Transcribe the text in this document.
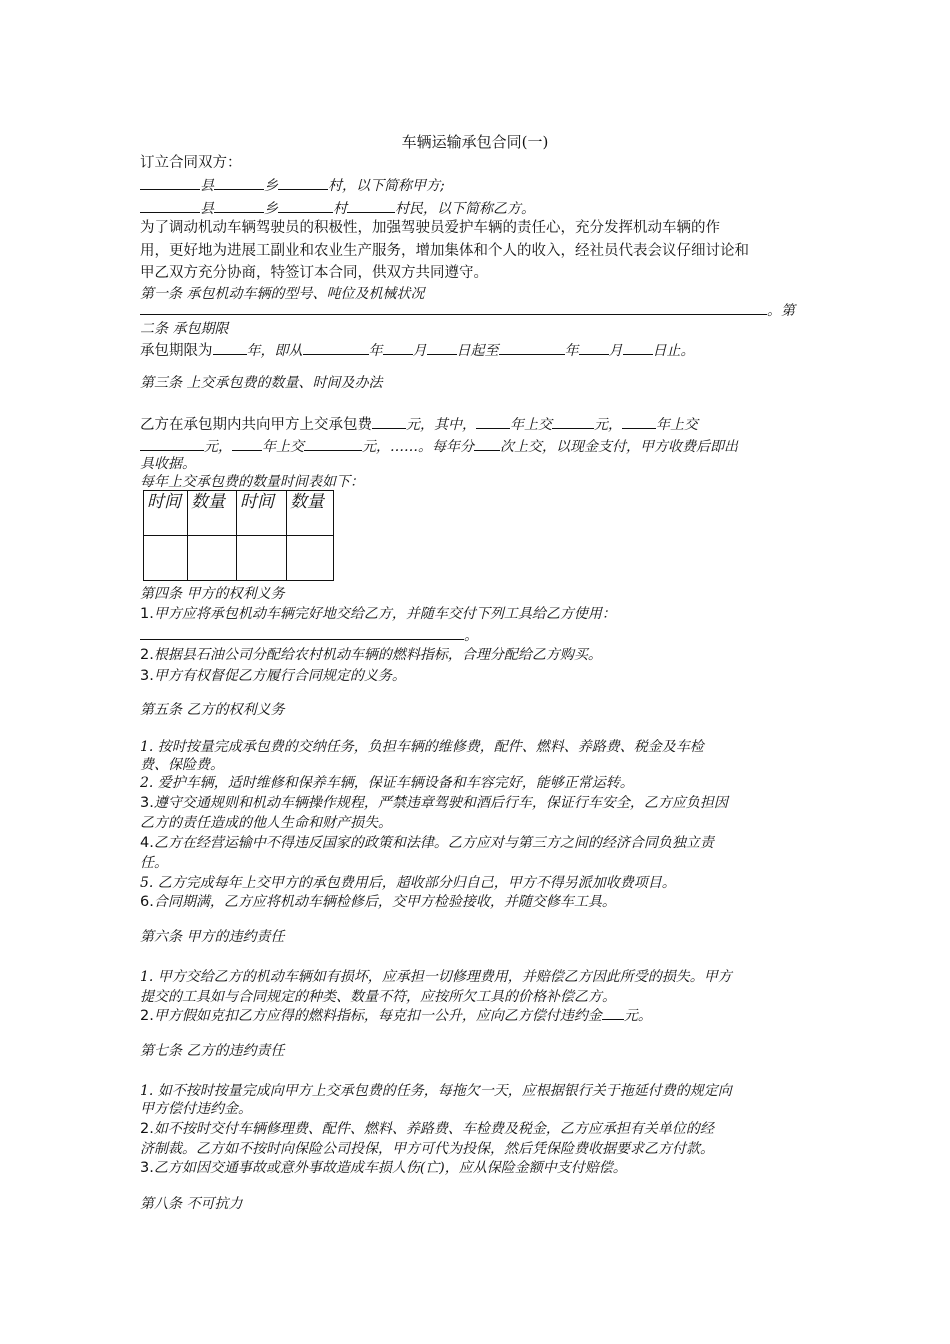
车辆运输承包合同(一)
订立合同双方：
县	乡	村，以下简称甲方;
县	乡	村	村民，以下简称乙方。
为了调动机动车辆驾驶员的积极性，加强驾驶员爱护车辆的责任心，充分发挥机动车辆的作
用，更好地为进展工副业和农业生产服务，增加集体和个人的收入，经社员代表会议仔细讨论和
甲乙双方充分协商，特签订本合同，供双方共同遵守。
第一条 承包机动车辆的型号、吨位及机械状况
。第
二条 承包期限
承包期限为 年，即从	年 月 日起至	年 月 日止。
第三条 上交承包费的数量、时间及办法
乙方在承包期内共向甲方上交承包费 元，其中， 年上交	元， 年上交
元， 年上交	元，……。每年分 次上交，以现金支付，甲方收费后即出
具收据。
每年上交承包费的数量时间表如下：
时间	数量	时间	数量

第四条 甲方的权利义务
1.甲方应将承包机动车辆完好地交给乙方，并随车交付下列工具给乙方使用：
。
2.根据县石油公司分配给农村机动车辆的燃料指标，合理分配给乙方购买。
3.甲方有权督促乙方履行合同规定的义务。
第五条 乙方的权利义务
1. 按时按量完成承包费的交纳任务，负担车辆的维修费，配件、燃料、养路费、税金及车检
费、保险费。
2. 爱护车辆，适时维修和保养车辆，保证车辆设备和车容完好，能够正常运转。
3.遵守交通规则和机动车辆操作规程，严禁违章驾驶和酒后行车，保证行车安全，乙方应负担因
乙方的责任造成的他人生命和财产损失。
4.乙方在经营运输中不得违反国家的政策和法律。乙方应对与第三方之间的经济合同负独立责
任。
5. 乙方完成每年上交甲方的承包费用后，超收部分归自己，甲方不得另派加收费项目。
6.合同期满，乙方应将机动车辆检修后，交甲方检验接收，并随交修车工具。
第六条 甲方的违约责任
1. 甲方交给乙方的机动车辆如有损坏，应承担一切修理费用，并赔偿乙方因此所受的损失。甲方
提交的工具如与合同规定的种类、数量不符，应按所欠工具的价格补偿乙方。
2.甲方假如克扣乙方应得的燃料指标，每克扣一公升，应向乙方偿付违约金 元。
第七条 乙方的违约责任
1. 如不按时按量完成向甲方上交承包费的任务，每拖欠一天，应根据银行关于拖延付费的规定向
甲方偿付违约金。
2.如不按时交付车辆修理费、配件、燃料、养路费、车检费及税金，乙方应承担有关单位的经
济制裁。乙方如不按时向保险公司投保，甲方可代为投保，然后凭保险费收据要求乙方付款。
3.乙方如因交通事故或意外事故造成车损人伤(亡)，应从保险金额中支付赔偿。
第八条 不可抗力
